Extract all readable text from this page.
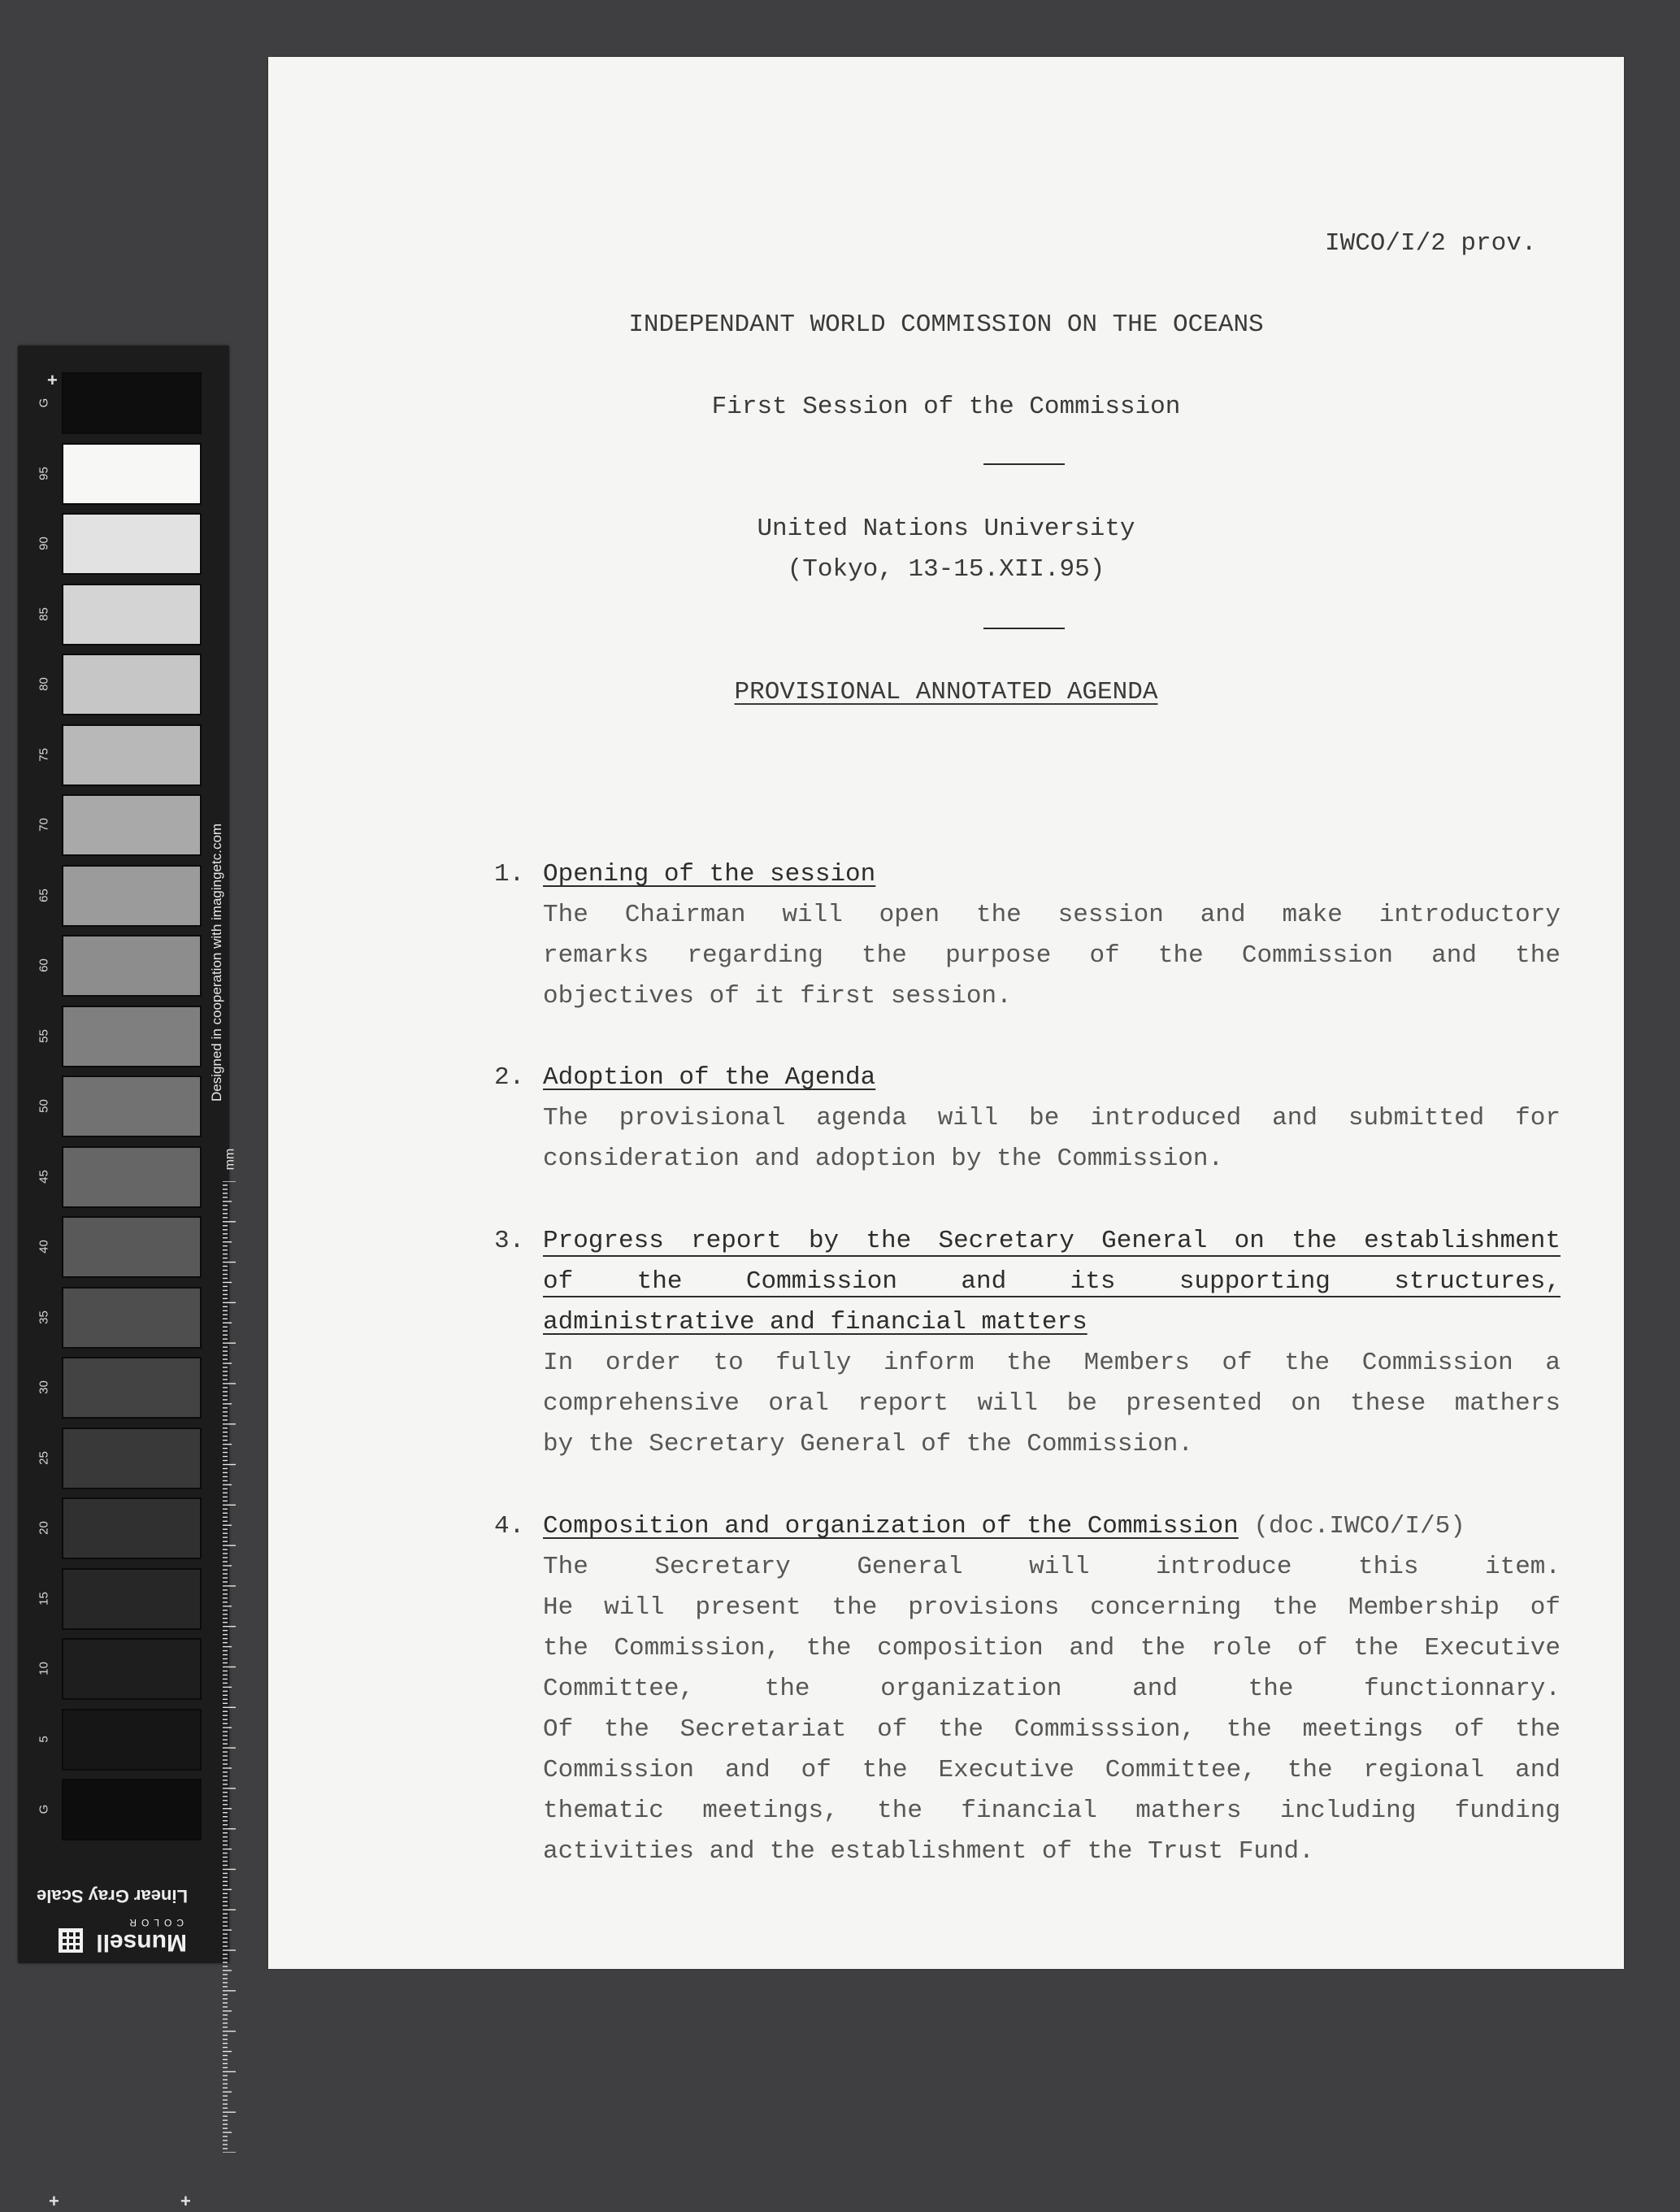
+
G
95
90
85
80
75
70
65
60
55
50
45
40
35
30
25
20
15
10
5
G
Designed in cooperation with imagingetc.com
mm
+	+
Linear Gray Scale
Munsell
COLOR
IWCO/I/2 prov.
INDEPENDANT WORLD COMMISSION ON THE OCEANS
First Session of the Commission
United Nations University
(Tokyo, 13-15.XII.95)
PROVISIONAL ANNOTATED AGENDA
1. Opening of the session
The Chairman will open the session and make introductory
remarks regarding the purpose of the Commission and the
objectives of it first session.
2. Adoption of the Agenda
The provisional agenda will be introduced and submitted for
consideration and adoption by the Commission.
3. Progress report by the Secretary General on the establishment
of the Commission and its supporting structures,
administrative and financial matters
In order to fully inform the Members of the Commission a
comprehensive oral report will be presented on these mathers
by the Secretary General of the Commission.
4. Composition and organization of the Commission (doc.IWCO/I/5)
The Secretary General will introduce this item.
He will present the provisions concerning the Membership of
the Commission, the composition and the role of the Executive
Committee, the organization and the functionnary.
Of the Secretariat of the Commisssion, the meetings of the
Commission and of the Executive Committee, the regional and
thematic meetings, the financial mathers including funding
activities and the establishment of the Trust Fund.
